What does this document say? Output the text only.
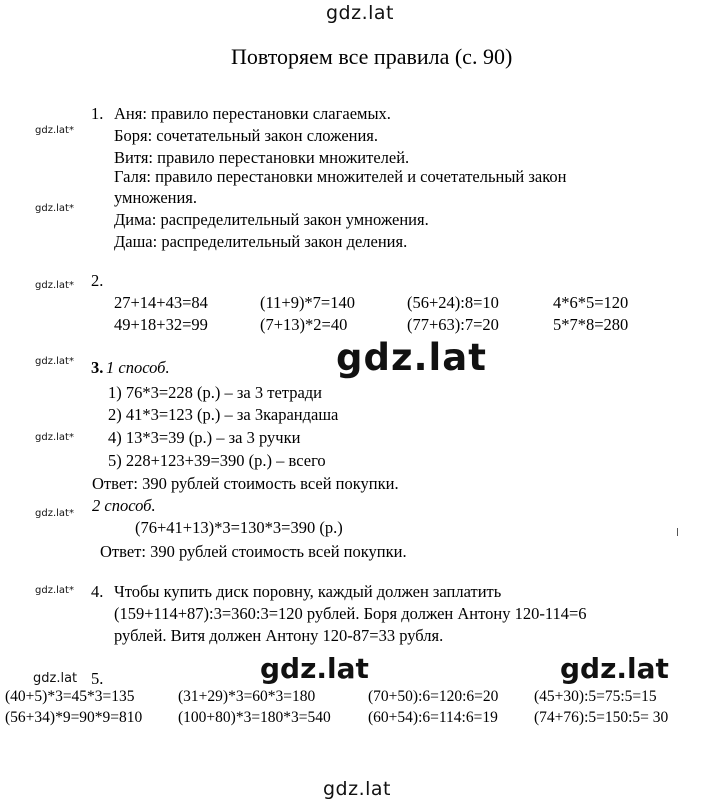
gdz.lat
gdz.lat
gdz.lat
gdz.lat	gdz.lat
gdz.lat*
gdz.lat*
gdz.lat*
gdz.lat*
gdz.lat*
gdz.lat*
gdz.lat*
gdz.lat
Повторяем все правила (с. 90)
1. Аня: правило перестановки слагаемых.
Боря: сочетательный закон сложения.
Витя: правило перестановки множителей.
Галя: правило перестановки множителей и сочетательный закон
умножения.
Дима: распределительный закон умножения.
Даша: распределительный закон деления.
2.
27+14+43=84	(11+9)*7=140	(56+24):8=10	4*6*5=120
49+18+32=99	(7+13)*2=40	(77+63):7=20	5*7*8=280
3. 1 способ.
1) 76*3=228 (р.) – за 3 тетради
2) 41*3=123 (р.) – за 3карандаша
4) 13*3=39 (р.) – за 3 ручки
5) 228+123+39=390 (р.) – всего
Ответ: 390 рублей стоимость всей покупки.
2 способ.
(76+41+13)*3=130*3=390 (р.)
Ответ: 390 рублей стоимость всей покупки.
4. Чтобы купить диск поровну, каждый должен заплатить
(159+114+87):3=360:3=120 рублей. Боря должен Антону 120-114=6
рублей. Витя должен Антону 120-87=33 рубля.
5.
(40+5)*3=45*3=135	(31+29)*3=60*3=180	(70+50):6=120:6=20 (45+30):5=75:5=15
(56+34)*9=90*9=810 (100+80)*3=180*3=540 (60+54):6=114:6=19 (74+76):5=150:5= 30
